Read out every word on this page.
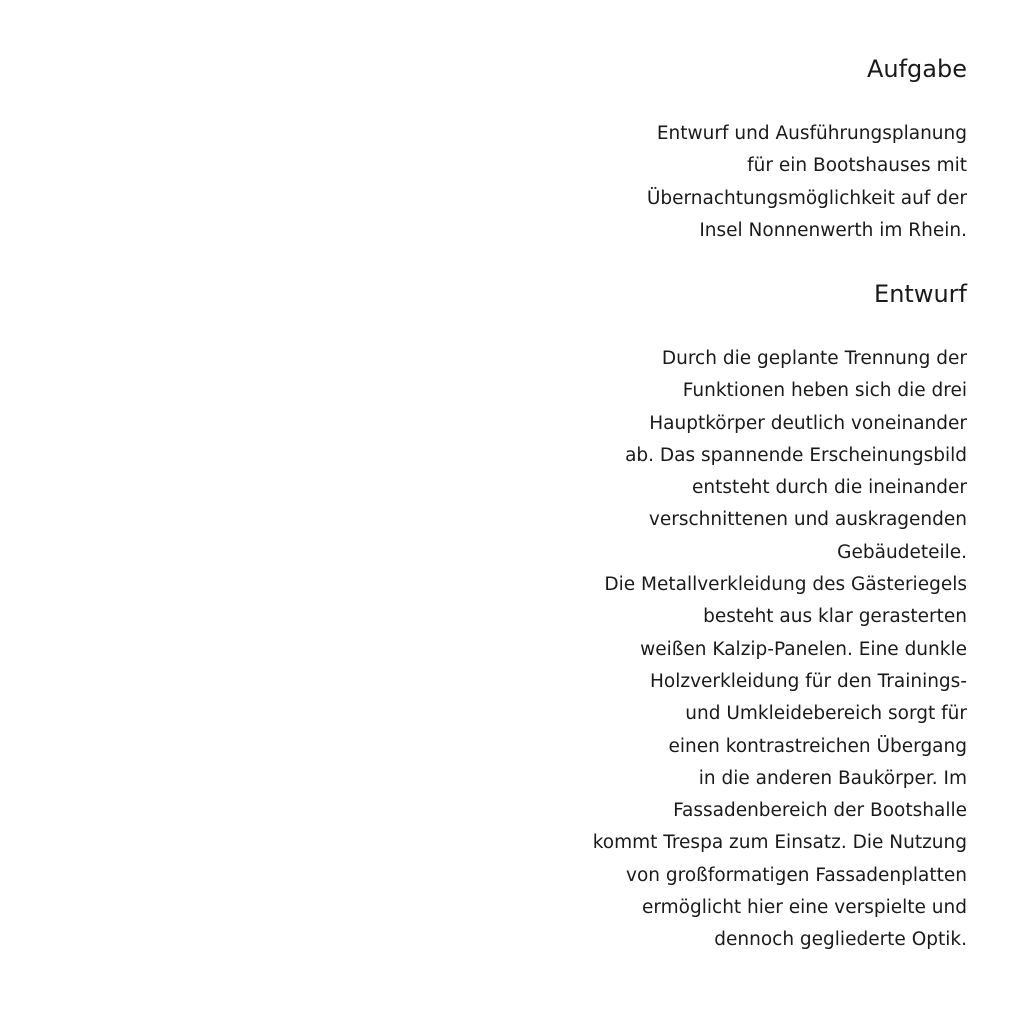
Aufgabe
Entwurf und Ausführungsplanung
für ein Bootshauses mit
Übernachtungsmöglichkeit auf der
Insel Nonnenwerth im Rhein.
Entwurf
Durch die geplante Trennung der
Funktionen heben sich die drei
Hauptkörper deutlich voneinander
ab. Das spannende Erscheinungsbild
entsteht durch die ineinander
verschnittenen und auskragenden
Gebäudeteile.
Die Metallverkleidung des Gästeriegels
besteht aus klar gerasterten
weißen Kalzip-Panelen. Eine dunkle
Holzverkleidung für den Trainings-
und Umkleidebereich sorgt für
einen kontrastreichen Übergang
in die anderen Baukörper. Im
Fassadenbereich der Bootshalle
kommt Trespa zum Einsatz. Die Nutzung
von großformatigen Fassadenplatten
ermöglicht hier eine verspielte und
dennoch gegliederte Optik.
